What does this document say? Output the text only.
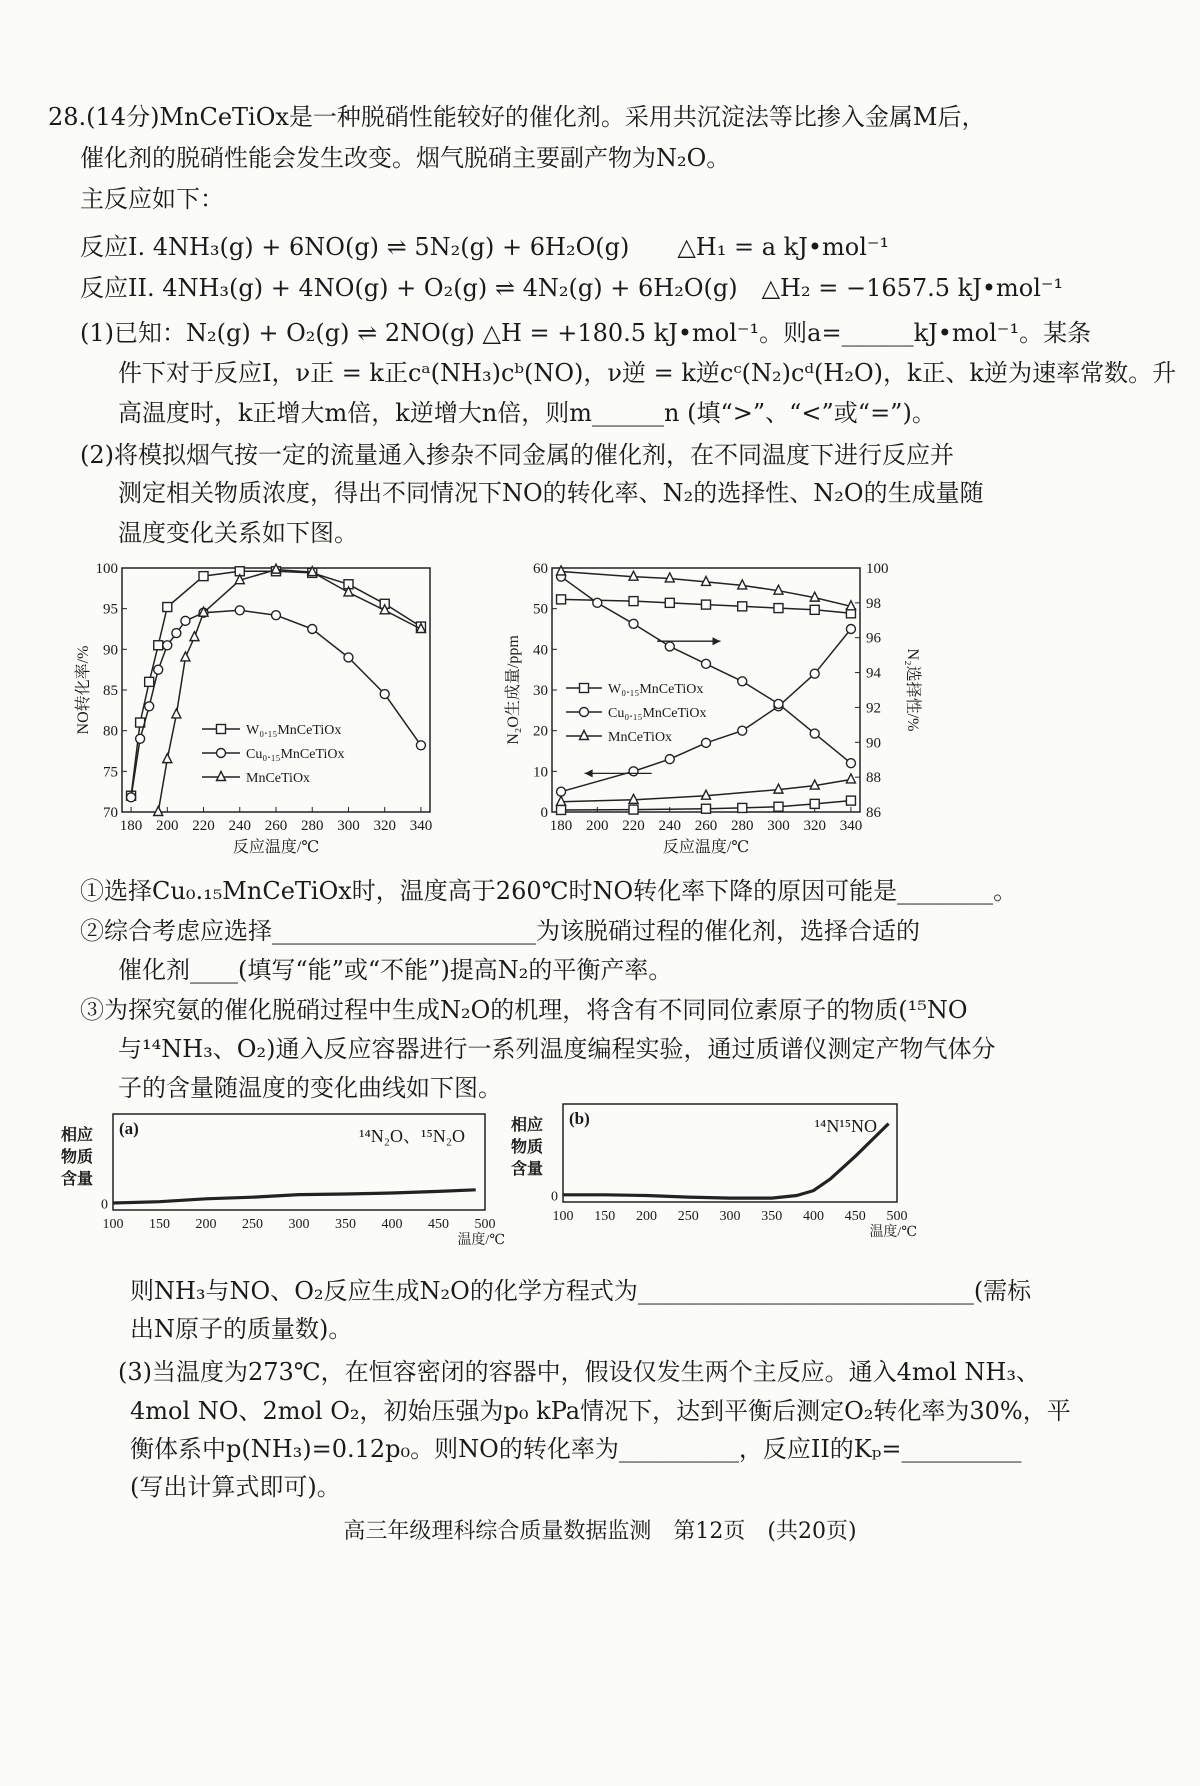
28.(14分)MnCeTiOx是一种脱硝性能较好的催化剂。采用共沉淀法等比掺入金属M后，
催化剂的脱硝性能会发生改变。烟气脱硝主要副产物为N₂O。
主反应如下：
反应I. 4NH₃(g) + 6NO(g) ⇌ 5N₂(g) + 6H₂O(g)　　△H₁ = a kJ•mol⁻¹
反应II. 4NH₃(g) + 4NO(g) + O₂(g) ⇌ 4N₂(g) + 6H₂O(g)　△H₂ = −1657.5 kJ•mol⁻¹
(1)已知：N₂(g) + O₂(g) ⇌ 2NO(g) △H = +180.5 kJ•mol⁻¹。则a=______kJ•mol⁻¹。某条
件下对于反应I，ν正 = k正cᵃ(NH₃)cᵇ(NO)，ν逆 = k逆cᶜ(N₂)cᵈ(H₂O)，k正、k逆为速率常数。升
高温度时，k正增大m倍，k逆增大n倍，则m______n (填“>”、“<”或“=”)。
(2)将模拟烟气按一定的流量通入掺杂不同金属的催化剂，在不同温度下进行反应并
测定相关物质浓度，得出不同情况下NO的转化率、N₂的选择性、N₂O的生成量随
温度变化关系如下图。
180 200 220 240 260 280 300 320 340
70
75
80
85
90
95
100
反应温度/℃
NO转化率/%	W₀.₁₅MnCeTiOx
Cu₀.₁₅MnCeTiOx
MnCeTiOx
180 200 220 240 260 280 300 320 340
0
10
20
30
40
50
60
86
88
90
92
94
96
98
100
反应温度/℃
N₂O生成量/ppm	N₂选择性/%
W₀.₁₅MnCeTiOx
Cu₀.₁₅MnCeTiOx
MnCeTiOx
①选择Cu₀.₁₅MnCeTiOx时，温度高于260℃时NO转化率下降的原因可能是________。
②综合考虑应选择______________________为该脱硝过程的催化剂，选择合适的
催化剂____(填写“能”或“不能”)提高N₂的平衡产率。
③为探究氨的催化脱硝过程中生成N₂O的机理，将含有不同同位素原子的物质(¹⁵NO
与¹⁴NH₃、O₂)通入反应容器进行一系列温度编程实验，通过质谱仪测定产物气体分
子的含量随温度的变化曲线如下图。
100 150 200 250 300 350 400 450 500
温度/℃
0
(a)	¹⁴N₂O、¹⁵N₂O
相应
物质
含量
100 150 200 250 300 350 400 450 500
温度/℃
0
(b)	¹⁴N¹⁵NO
相应
物质
含量
则NH₃与NO、O₂反应生成N₂O的化学方程式为____________________________(需标
出N原子的质量数)。
(3)当温度为273℃，在恒容密闭的容器中，假设仅发生两个主反应。通入4mol NH₃、
4mol NO、2mol O₂，初始压强为p₀ kPa情况下，达到平衡后测定O₂转化率为30%，平
衡体系中p(NH₃)=0.12p₀。则NO的转化率为__________，反应II的Kₚ=__________
(写出计算式即可)。
高三年级理科综合质量数据监测　第12页　(共20页)
